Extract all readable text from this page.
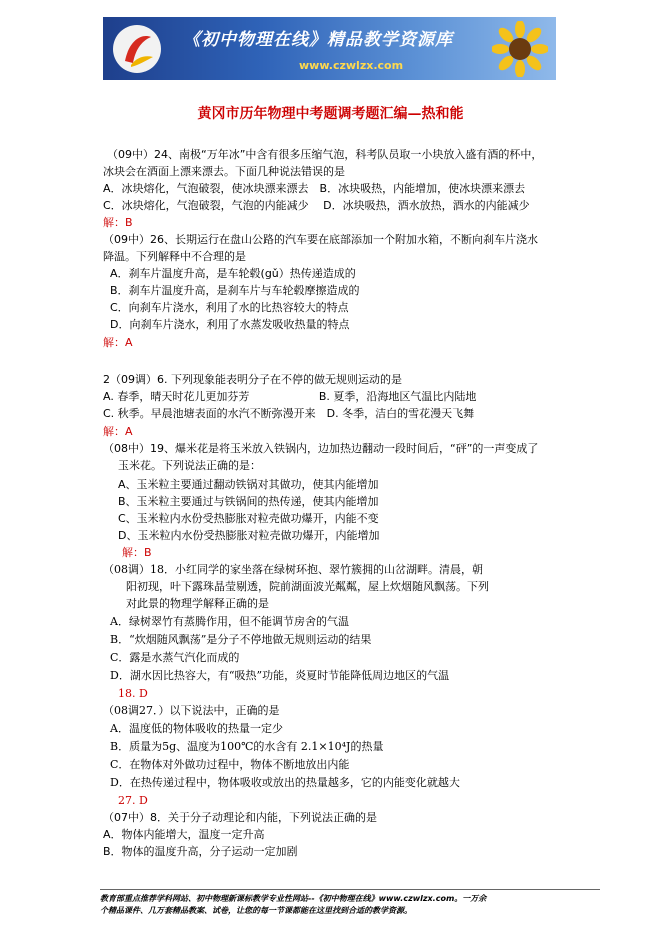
《初中物理在线》精品教学资源库
www.czwlzx.com
黄冈市历年物理中考题调考题汇编—热和能
（09中）24、南极“万年冰”中含有很多压缩气泡，科考队员取一小块放入盛有酒的杯中，
冰块会在酒面上漂来漂去。下面几种说法错误的是
A．冰块熔化，气泡破裂，使冰块漂来漂去　B．冰块吸热，内能增加，使冰块漂来漂去
C．冰块熔化，气泡破裂，气泡的内能减少　 D．冰块吸热，酒水放热，酒水的内能减少
解：B
（09中）26、长期运行在盘山公路的汽车要在底部添加一个附加水箱，不断向刹车片浇水
降温。下列解释中不合理的是
A．刹车片温度升高，是车轮毂(gǔ）热传递造成的
B．刹车片温度升高，是刹车片与车轮毂摩擦造成的
C．向刹车片浇水，利用了水的比热容较大的特点
D．向刹车片浇水，利用了水蒸发吸收热量的特点
解：A
2（09调）6. 下列现象能表明分子在不停的做无规则运动的是
A. 春季，晴天时花儿更加芬芳　　　　　　 B. 夏季，沿海地区气温比内陆地
C. 秋季。早晨池塘表面的水汽不断弥漫开来　D. 冬季，洁白的雪花漫天飞舞
解：A
（08中）19、爆米花是将玉米放入铁锅内，边加热边翻动一段时间后，“砰”的一声变成了
玉米花。下列说法正确的是：
A、玉米粒主要通过翻动铁锅对其做功，使其内能增加
B、玉米粒主要通过与铁锅间的热传递，使其内能增加
C、玉米粒内水份受热膨胀对粒壳做功爆开，内能不变
D、玉米粒内水份受热膨胀对粒壳做功爆开，内能增加
解：B
（08调）18．小红同学的家坐落在绿树环抱、翠竹簇拥的山岔湖畔。清晨，朝
阳初现，叶下露珠晶莹剔透，院前湖面波光粼粼，屋上炊烟随风飘荡。下列
对此景的物理学解释正确的是
A．绿树翠竹有蒸腾作用，但不能调节房舍的气温
B．“炊烟随风飘荡”是分子不停地做无规则运动的结果
C．露是水蒸气汽化而成的
D．湖水因比热容大，有“吸热”功能，炎夏时节能降低周边地区的气温
18. D
（08调27．）以下说法中，正确的是
A．温度低的物体吸收的热量一定少
B．质量为5g、温度为100℃的水含有 2.1×10⁴J的热量
C．在物体对外做功过程中，物体不断地放出内能
D．在热传递过程中，物体吸收或放出的热量越多，它的内能变化就越大
27. D
（07中）8．关于分子动理论和内能，下列说法正确的是
A．物体内能增大，温度一定升高
B．物体的温度升高，分子运动一定加剧
教育部重点推荐学科网站、初中物理新课标教学专业性网站--《初中物理在线》www.czwlzx.com。一万余
个精品课件、几万套精品教案、试卷，让您的每一节课都能在这里找到合适的教学资源。
